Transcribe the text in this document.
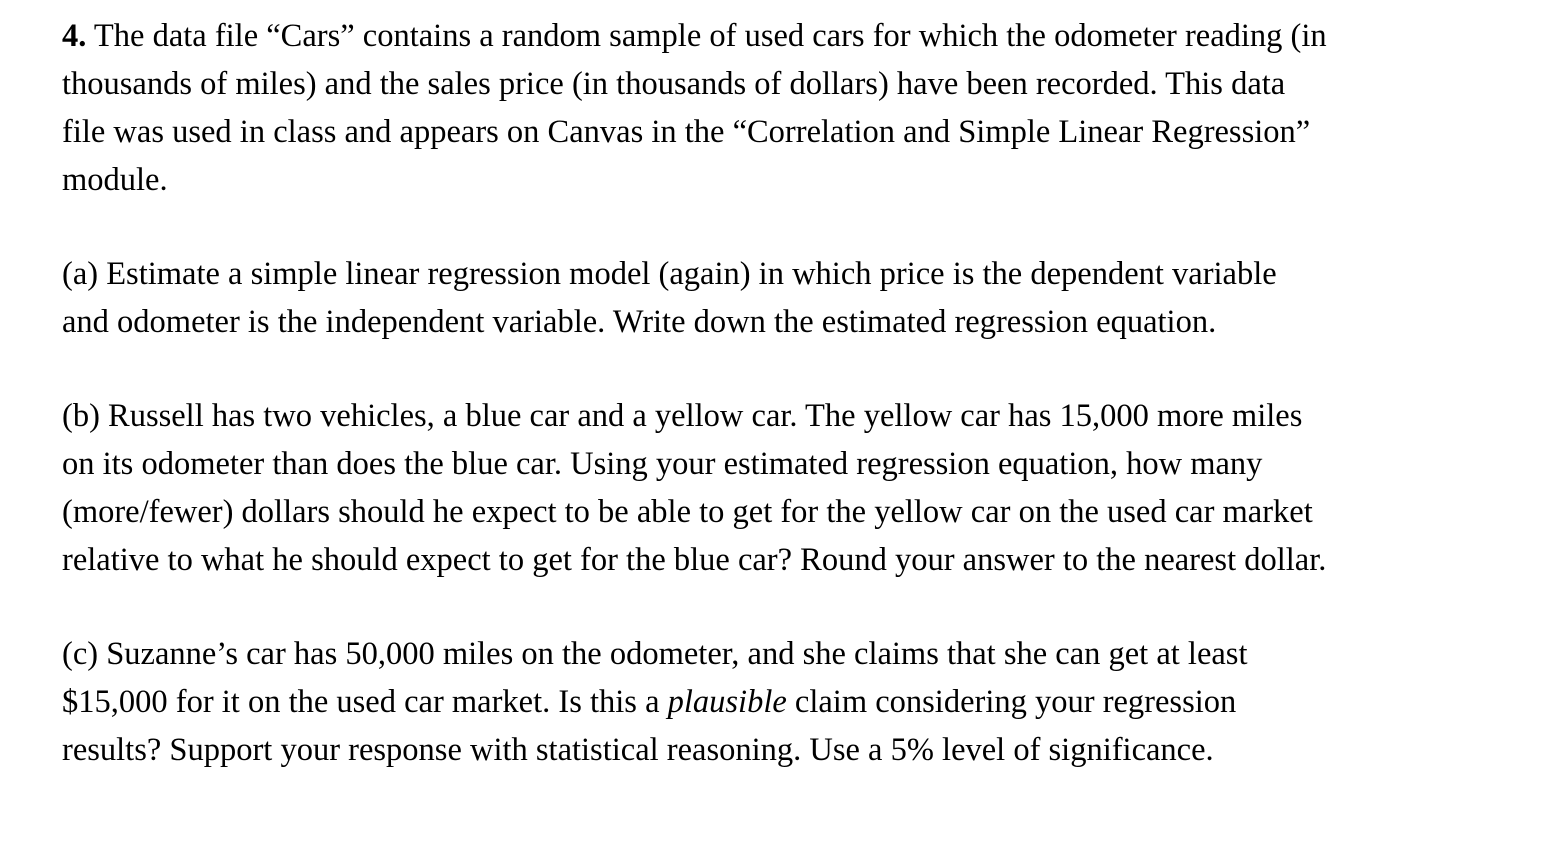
4. The data file “Cars” contains a random sample of used cars for which the odometer reading (in
thousands of miles) and the sales price (in thousands of dollars) have been recorded. This data
file was used in class and appears on Canvas in the “Correlation and Simple Linear Regression”
module.

(a) Estimate a simple linear regression model (again) in which price is the dependent variable
and odometer is the independent variable. Write down the estimated regression equation.

(b) Russell has two vehicles, a blue car and a yellow car. The yellow car has 15,000 more miles
on its odometer than does the blue car. Using your estimated regression equation, how many
(more/fewer) dollars should he expect to be able to get for the yellow car on the used car market
relative to what he should expect to get for the blue car? Round your answer to the nearest dollar.

(c) Suzanne’s car has 50,000 miles on the odometer, and she claims that she can get at least
$15,000 for it on the used car market. Is this a plausible claim considering your regression
results? Support your response with statistical reasoning. Use a 5% level of significance.
